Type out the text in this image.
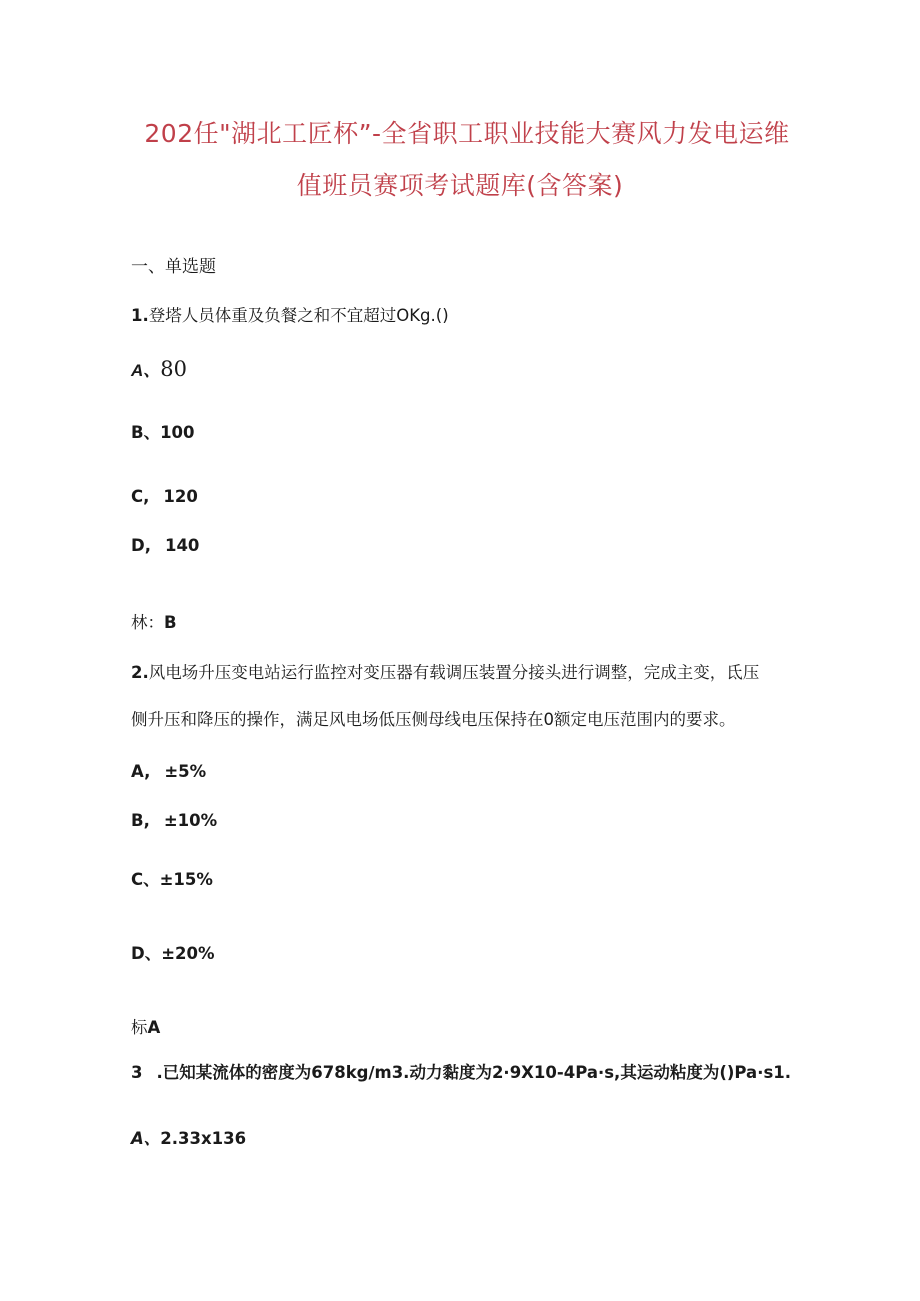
202任"湖北工匠杯”-全省职工职业技能大赛风力发电运维
值班员赛项考试题库(含答案)
一、单选题
1.登塔人员体重及负餐之和不宜超过OKg.()
A、80
B、100
C, 120
D, 140
林：B
2.风电场升压变电站运行监控对变压器有载调压装置分接头进行调整，完成主变，氐压
侧升压和降压的操作，满足风电场低压侧母线电压保持在0额定电压范围内的要求。
A, ±5%
B, ±10%
C、±15%
D、±20%
标A
3 .已知某流体的密度为678kg∕m3.动力黏度为2∙9X10-4Pa∙s,其运动粘度为()Pa∙s1.
A、2.33x136
